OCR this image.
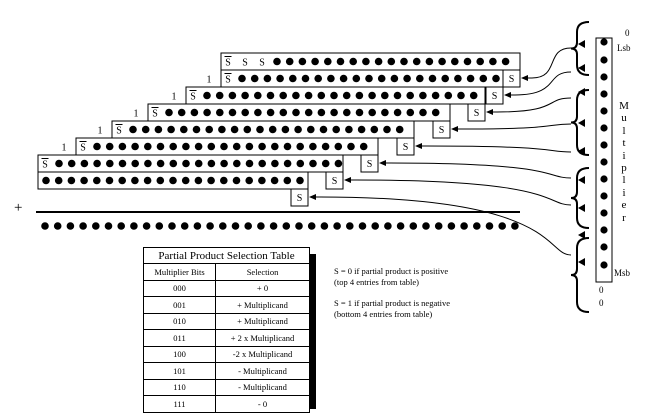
S
S S S
S
1 S
S
1 S
S
1 S
S
1 S
S
1 S
S
S
S
0
Lsb
Msb
0
0
M
u
l
t
i
p
l
i
e
r
+
Partial Product Selection Table	
Multiplier Bits	Selection
000	+ 0
001	+ Multiplicand
010	+ Multiplicand
011	+ 2 x Multiplicand
100	-2 x Multiplicand
101	- Multiplicand
110	- Multiplicand
111	- 0
S = 0 if partial product is positive
(top 4 entries from table)
S = 1 if partial product is negative
(bottom 4 entries from table)
